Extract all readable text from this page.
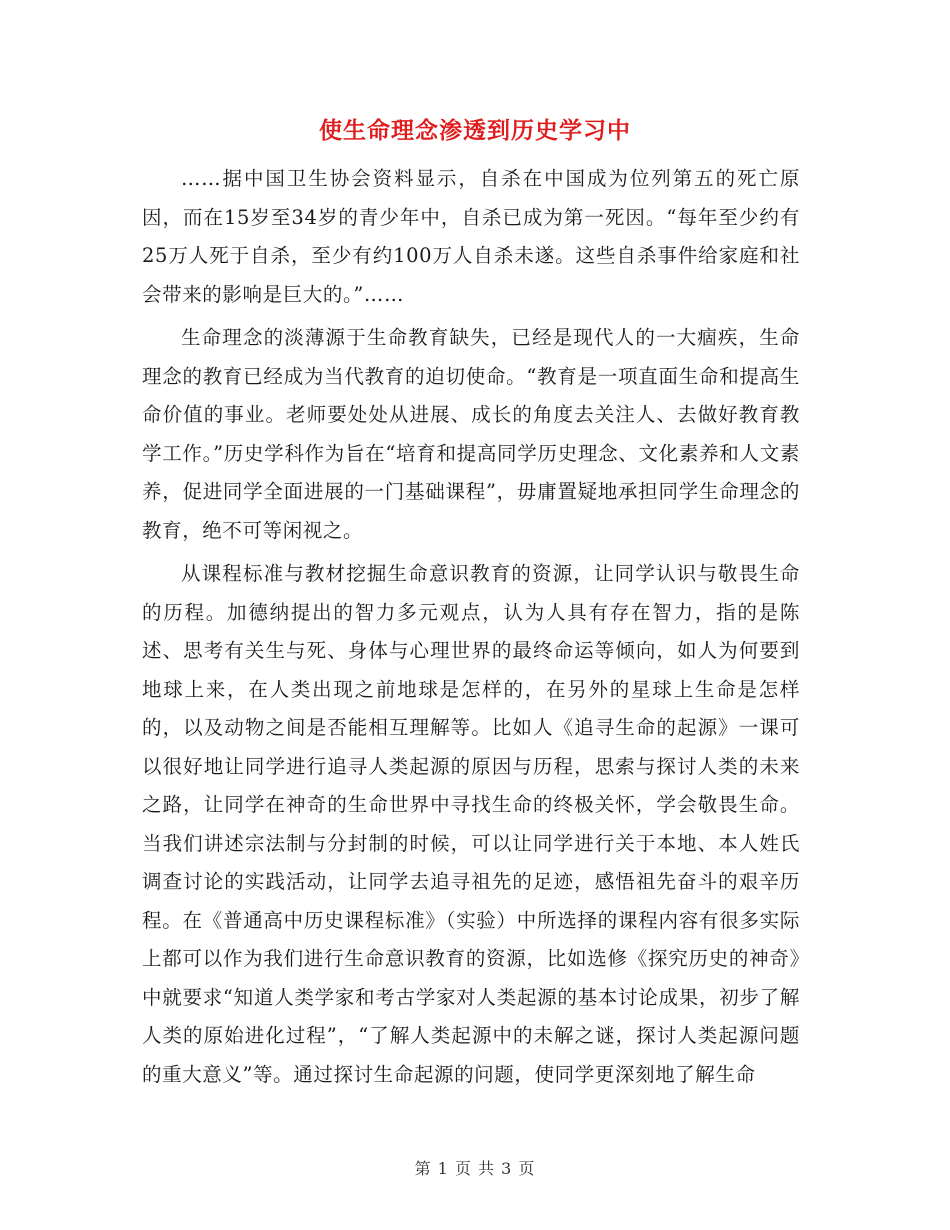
使生命理念渗透到历史学习中

……据中国卫生协会资料显示，自杀在中国成为位列第五的死亡原因，而在15岁至34岁的青少年中，自杀已成为第一死因。“每年至少约有25万人死于自杀，至少有约100万人自杀未遂。这些自杀事件给家庭和社会带来的影响是巨大的。”……

生命理念的淡薄源于生命教育缺失，已经是现代人的一大痼疾，生命理念的教育已经成为当代教育的迫切使命。“教育是一项直面生命和提高生命价值的事业。老师要处处从进展、成长的角度去关注人、去做好教育教学工作。”历史学科作为旨在“培育和提高同学历史理念、文化素养和人文素养，促进同学全面进展的一门基础课程”，毋庸置疑地承担同学生命理念的教育，绝不可等闲视之。

从课程标准与教材挖掘生命意识教育的资源，让同学认识与敬畏生命的历程。加德纳提出的智力多元观点，认为人具有存在智力，指的是陈述、思考有关生与死、身体与心理世界的最终命运等倾向，如人为何要到地球上来，在人类出现之前地球是怎样的，在另外的星球上生命是怎样的，以及动物之间是否能相互理解等。比如人《追寻生命的起源》一课可以很好地让同学进行追寻人类起源的原因与历程，思索与探讨人类的未来之路，让同学在神奇的生命世界中寻找生命的终极关怀，学会敬畏生命。当我们讲述宗法制与分封制的时候，可以让同学进行关于本地、本人姓氏调查讨论的实践活动，让同学去追寻祖先的足迹，感悟祖先奋斗的艰辛历程。在《普通高中历史课程标准》（实验）中所选择的课程内容有很多实际上都可以作为我们进行生命意识教育的资源，比如选修《探究历史的神奇》中就要求“知道人类学家和考古学家对人类起源的基本讨论成果，初步了解人类的原始进化过程”，“了解人类起源中的未解之谜，探讨人类起源问题的重大意义”等。通过探讨生命起源的问题，使同学更深刻地了解生命

第 1 页 共 3 页
